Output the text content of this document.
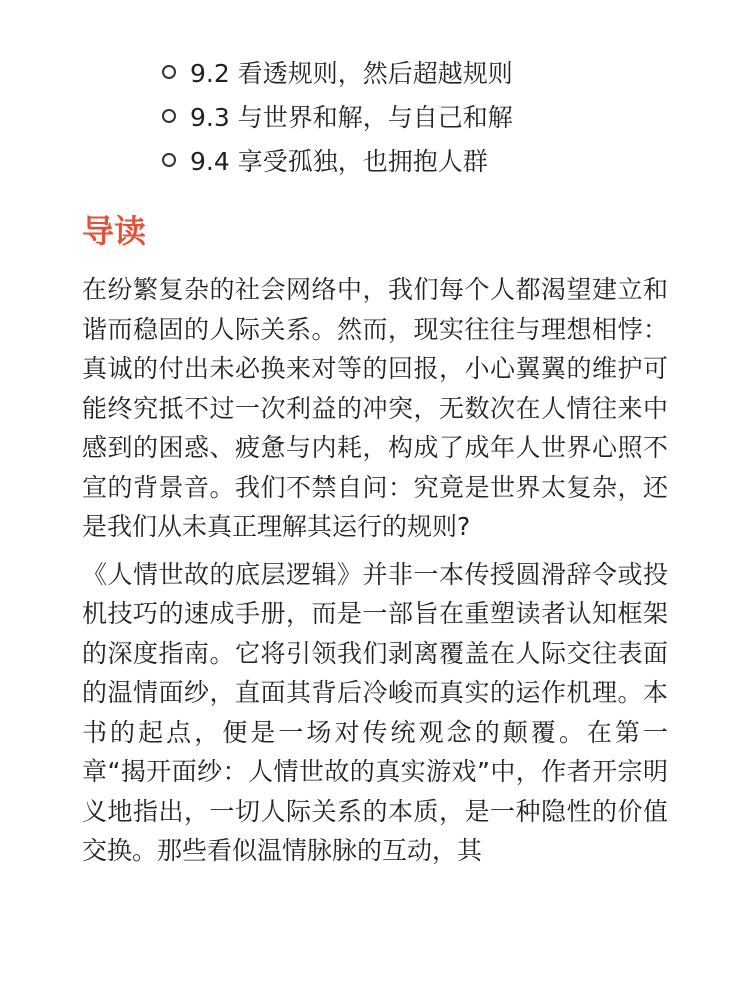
9.2 看透规则，然后超越规则
9.3 与世界和解，与自己和解
9.4 享受孤独，也拥抱人群
导读

在纷繁复杂的社会网络中，我们每个人都渴望建立和谐而稳固的人际关系。然而，现实往往与理想相悖：真诚的付出未必换来对等的回报，小心翼翼的维护可能终究抵不过一次利益的冲突，无数次在人情往来中感到的困惑、疲惫与内耗，构成了成年人世界心照不宣的背景音。我们不禁自问：究竟是世界太复杂，还是我们从未真正理解其运行的规则?

《人情世故的底层逻辑》并非一本传授圆滑辞令或投机技巧的速成手册，而是一部旨在重塑读者认知框架的深度指南。它将引领我们剥离覆盖在人际交往表面的温情面纱，直面其背后冷峻而真实的运作机理。本书的起点，便是一场对传统观念的颠覆。在第一章“揭开面纱：人情世故的真实游戏”中，作者开宗明义地指出，一切人际关系的本质，是一种隐性的价值交换。那些看似温情脉脉的互动，其
